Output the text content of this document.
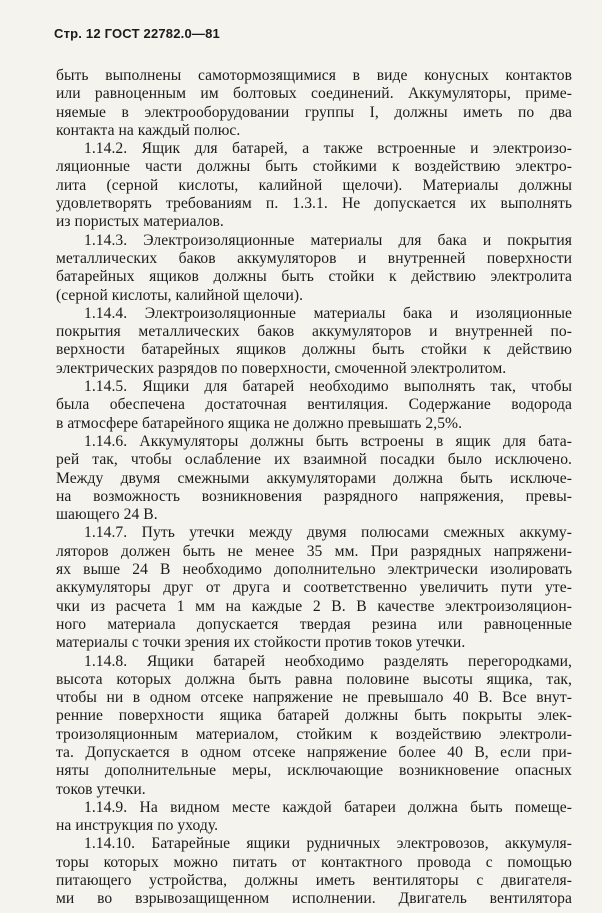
Стр. 12 ГОСТ 22782.0—81
быть выполнены самотормозящимися в виде конусных контактов
или равноценным им болтовых соединений. Аккумуляторы, приме-
няемые в электрооборудовании группы I, должны иметь по два
контакта на каждый полюс.
1.14.2. Ящик для батарей, а также встроенные и электроизо-
ляционные части должны быть стойкими к воздействию электро-
лита (серной кислоты, калийной щелочи). Материалы должны
удовлетворять требованиям п. 1.3.1. Не допускается их выполнять
из пористых материалов.
1.14.3. Электроизоляционные материалы для бака и покрытия
металлических баков аккумуляторов и внутренней поверхности
батарейных ящиков должны быть стойки к действию электролита
(серной кислоты, калийной щелочи).
1.14.4. Электроизоляционные материалы бака и изоляционные
покрытия металлических баков аккумуляторов и внутренней по-
верхности батарейных ящиков должны быть стойки к действию
электрических разрядов по поверхности, смоченной электролитом.
1.14.5. Ящики для батарей необходимо выполнять так, чтобы
была обеспечена достаточная вентиляция. Содержание водорода
в атмосфере батарейного ящика не должно превышать 2,5%.
1.14.6. Аккумуляторы должны быть встроены в ящик для бата-
рей так, чтобы ослабление их взаимной посадки было исключено.
Между двумя смежными аккумуляторами должна быть исключе-
на возможность возникновения разрядного напряжения, превы-
шающего 24 В.
1.14.7. Путь утечки между двумя полюсами смежных аккуму-
ляторов должен быть не менее 35 мм. При разрядных напряжени-
ях выше 24 В необходимо дополнительно электрически изолировать
аккумуляторы друг от друга и соответственно увеличить пути уте-
чки из расчета 1 мм на каждые 2 В. В качестве электроизоляцион-
ного материала допускается твердая резина или равноценные
материалы с точки зрения их стойкости против токов утечки.
1.14.8. Ящики батарей необходимо разделять перегородками,
высота которых должна быть равна половине высоты ящика, так,
чтобы ни в одном отсеке напряжение не превышало 40 В. Все внут-
ренние поверхности ящика батарей должны быть покрыты элек-
троизоляционным материалом, стойким к воздействию электроли-
та. Допускается в одном отсеке напряжение более 40 В, если при-
няты дополнительные меры, исключающие возникновение опасных
токов утечки.
1.14.9. На видном месте каждой батареи должна быть помеще-
на инструкция по уходу.
1.14.10. Батарейные ящики рудничных электровозов, аккумуля-
торы которых можно питать от контактного провода с помощью
питающего устройства, должны иметь вентиляторы с двигателя-
ми во взрывозащищенном исполнении. Двигатель вентилятора
